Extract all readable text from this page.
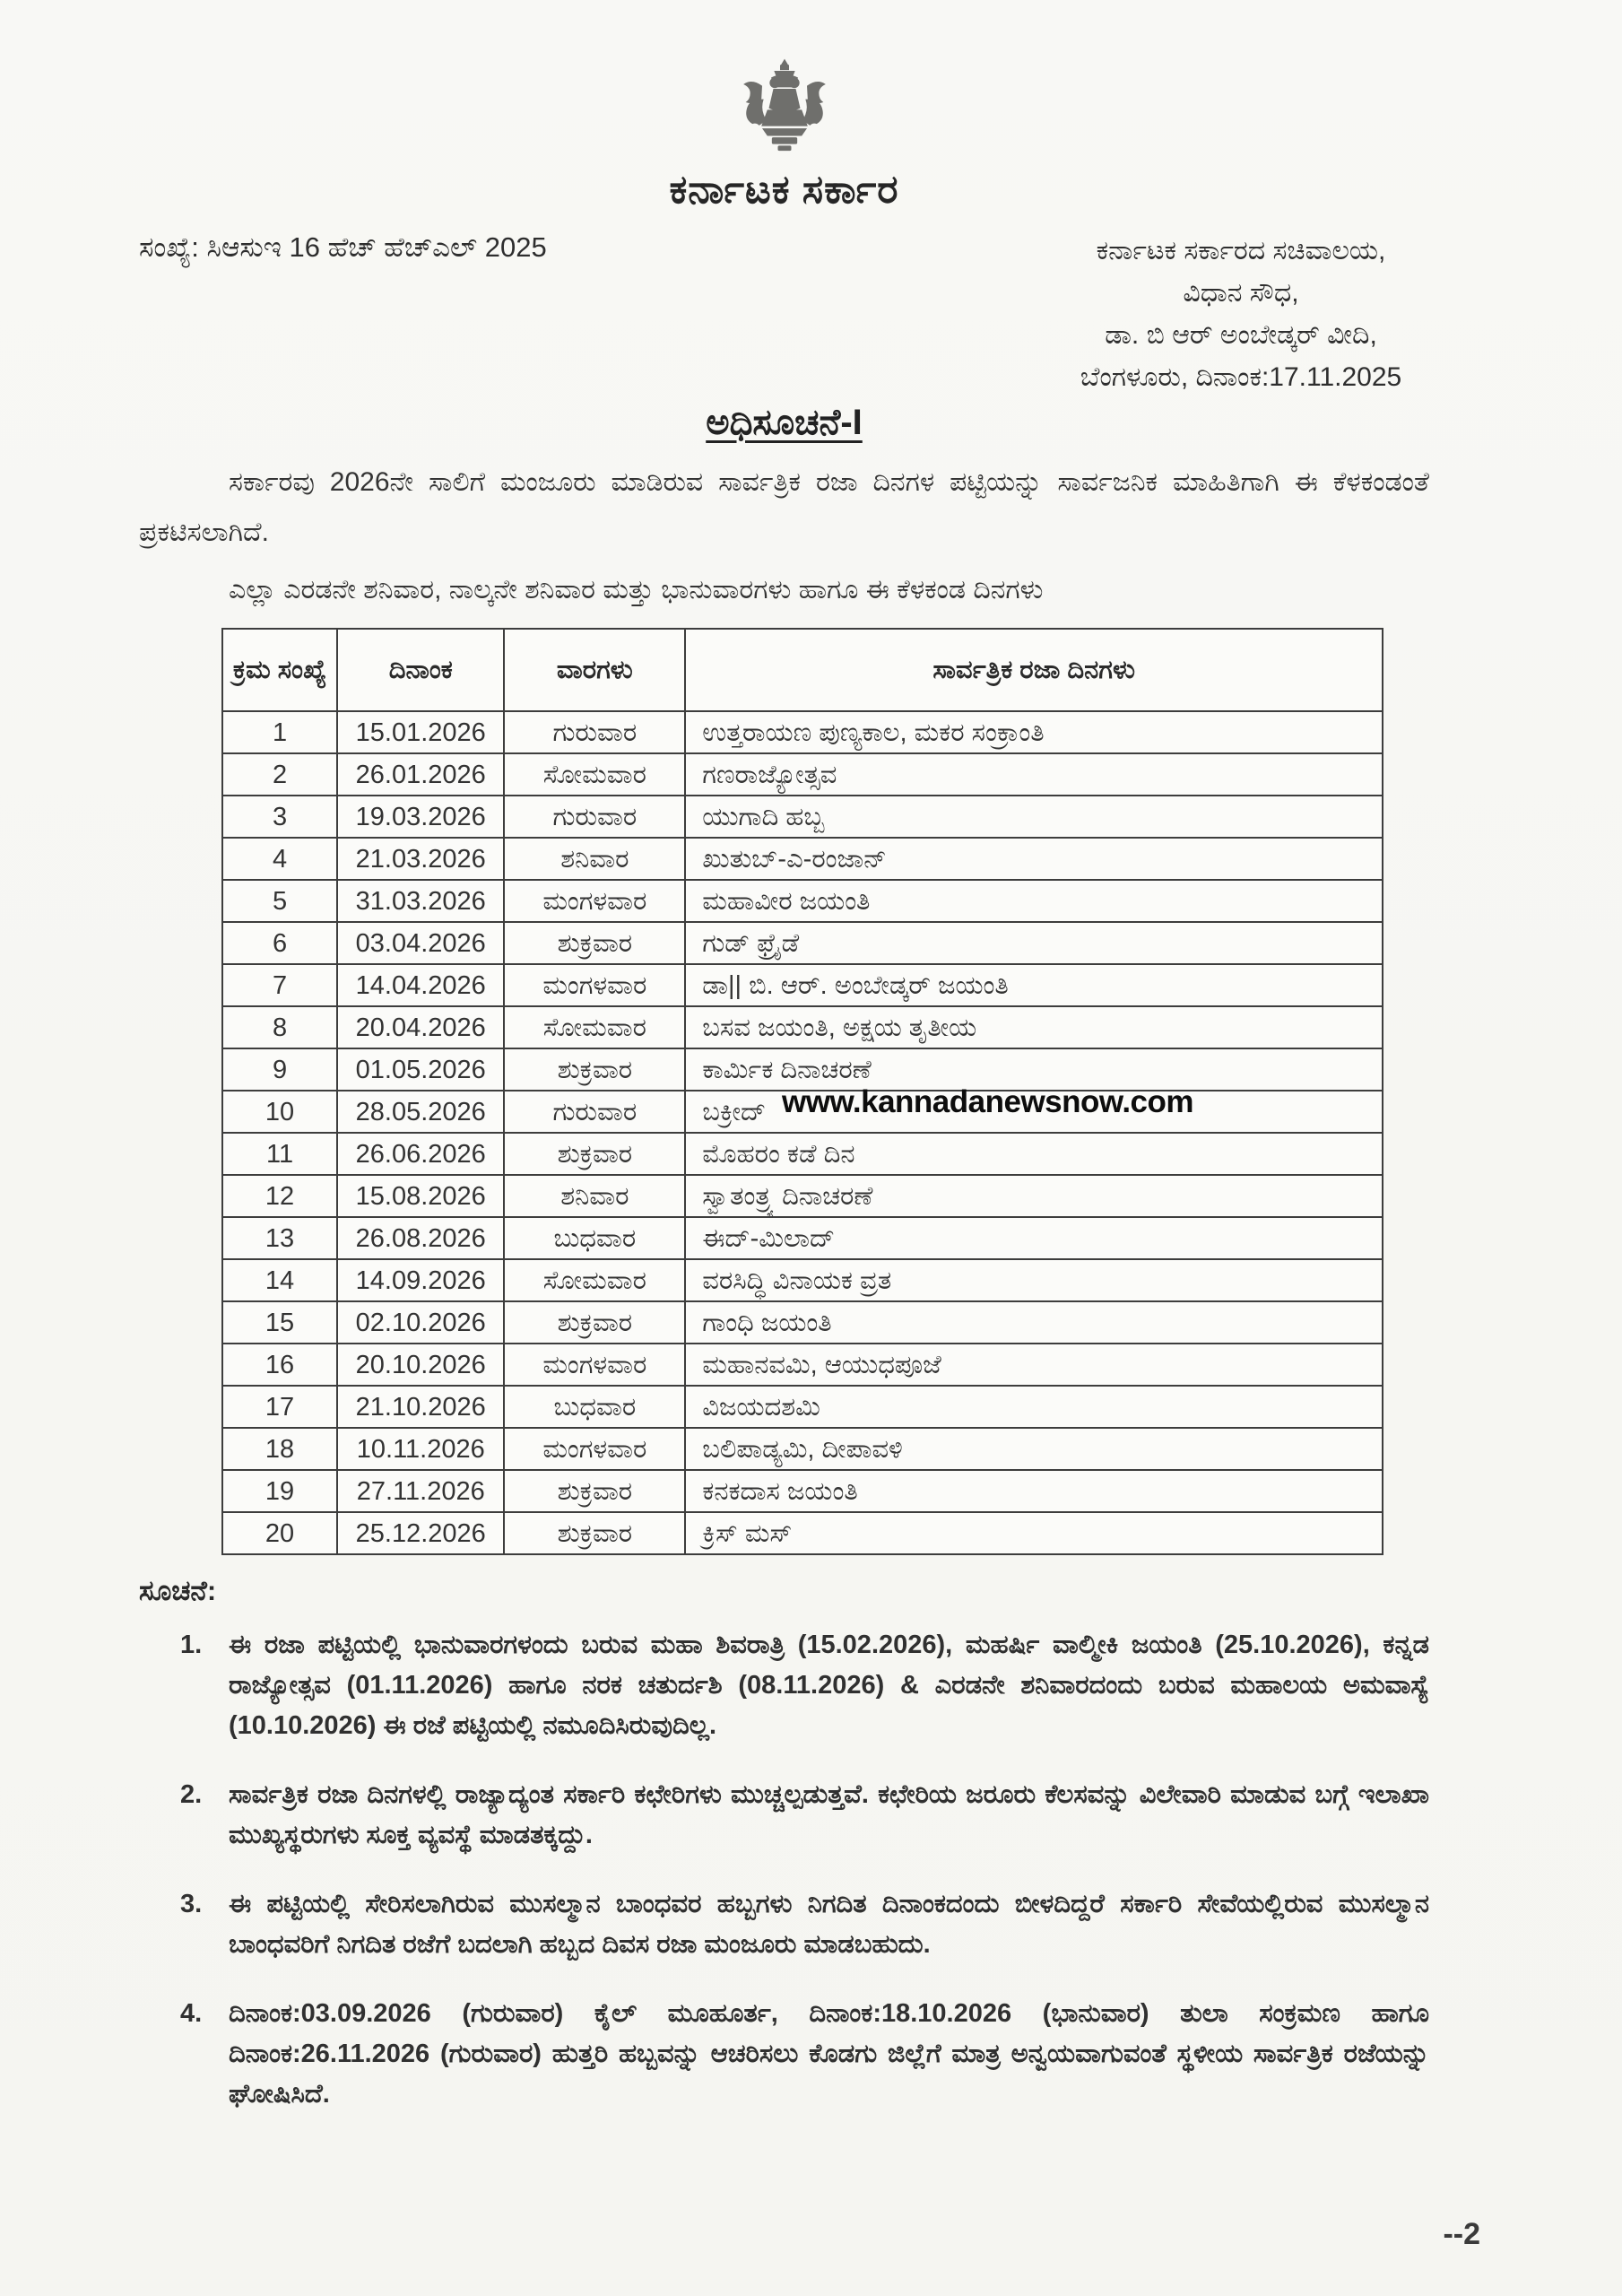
ಕರ್ನಾಟಕ ಸರ್ಕಾರ
ಸಂಖ್ಯೆ: ಸಿಆಸುಇ 16 ಹೆಚ್ ಹೆಚ್ಎಲ್ 2025	ಕರ್ನಾಟಕ ಸರ್ಕಾರದ ಸಚಿವಾಲಯ,
ವಿಧಾನ ಸೌಧ,
ಡಾ. ಬಿ ಆರ್ ಅಂಬೇಡ್ಕರ್ ವೀದಿ,
ಬೆಂಗಳೂರು, ದಿನಾಂಕ:17.11.2025
ಅಧಿಸೂಚನೆ-I

ಸರ್ಕಾರವು 2026ನೇ ಸಾಲಿಗೆ ಮಂಜೂರು ಮಾಡಿರುವ ಸಾರ್ವತ್ರಿಕ ರಜಾ ದಿನಗಳ ಪಟ್ಟಿಯನ್ನು ಸಾರ್ವಜನಿಕ ಮಾಹಿತಿಗಾಗಿ ಈ ಕೆಳಕಂಡಂತೆ ಪ್ರಕಟಿಸಲಾಗಿದೆ.

ಎಲ್ಲಾ ಎರಡನೇ ಶನಿವಾರ, ನಾಲ್ಕನೇ ಶನಿವಾರ ಮತ್ತು ಭಾನುವಾರಗಳು ಹಾಗೂ ಈ ಕೆಳಕಂಡ ದಿನಗಳು

ಕ್ರಮ ಸಂಖ್ಯೆ	ದಿನಾಂಕ	ವಾರಗಳು	ಸಾರ್ವತ್ರಿಕ ರಜಾ ದಿನಗಳು
1	15.01.2026	ಗುರುವಾರ	ಉತ್ತರಾಯಣ ಪುಣ್ಯಕಾಲ, ಮಕರ ಸಂಕ್ರಾಂತಿ
2	26.01.2026	ಸೋಮವಾರ	ಗಣರಾಜ್ಯೋತ್ಸವ
3	19.03.2026	ಗುರುವಾರ	ಯುಗಾದಿ ಹಬ್ಬ
4	21.03.2026	ಶನಿವಾರ	ಖುತುಬ್-ಎ-ರಂಜಾನ್
5	31.03.2026	ಮಂಗಳವಾರ	ಮಹಾವೀರ ಜಯಂತಿ
6	03.04.2026	ಶುಕ್ರವಾರ	ಗುಡ್ ಫ್ರೈಡೆ
7	14.04.2026	ಮಂಗಳವಾರ	ಡಾ|| ಬಿ. ಆರ್. ಅಂಬೇಡ್ಕರ್ ಜಯಂತಿ
8	20.04.2026	ಸೋಮವಾರ	ಬಸವ ಜಯಂತಿ, ಅಕ್ಷಯ ತೃತೀಯ
9	01.05.2026	ಶುಕ್ರವಾರ	ಕಾರ್ಮಿಕ ದಿನಾಚರಣೆ
10	28.05.2026	ಗುರುವಾರ	ಬಕ್ರೀದ್
11	26.06.2026	ಶುಕ್ರವಾರ	ಮೊಹರಂ ಕಡೆ ದಿನ
12	15.08.2026	ಶನಿವಾರ	ಸ್ವಾತಂತ್ರ್ಯ ದಿನಾಚರಣೆ
13	26.08.2026	ಬುಧವಾರ	ಈದ್-ಮಿಲಾದ್
14	14.09.2026	ಸೋಮವಾರ	ವರಸಿದ್ಧಿ ವಿನಾಯಕ ವ್ರತ
15	02.10.2026	ಶುಕ್ರವಾರ	ಗಾಂಧಿ ಜಯಂತಿ
16	20.10.2026	ಮಂಗಳವಾರ	ಮಹಾನವಮಿ, ಆಯುಧಪೂಜೆ
17	21.10.2026	ಬುಧವಾರ	ವಿಜಯದಶಮಿ
18	10.11.2026	ಮಂಗಳವಾರ	ಬಲಿಪಾಡ್ಯಮಿ, ದೀಪಾವಳಿ
19	27.11.2026	ಶುಕ್ರವಾರ	ಕನಕದಾಸ ಜಯಂತಿ
20	25.12.2026	ಶುಕ್ರವಾರ	ಕ್ರಿಸ್ ಮಸ್
www.kannadanewsnow.com
ಸೂಚನೆ:
1. ಈ ರಜಾ ಪಟ್ಟಿಯಲ್ಲಿ ಭಾನುವಾರಗಳಂದು ಬರುವ ಮಹಾ ಶಿವರಾತ್ರಿ (15.02.2026), ಮಹರ್ಷಿ ವಾಲ್ಮೀಕಿ ಜಯಂತಿ (25.10.2026), ಕನ್ನಡ ರಾಜ್ಯೋತ್ಸವ (01.11.2026) ಹಾಗೂ ನರಕ ಚತುರ್ದಶಿ (08.11.2026) & ಎರಡನೇ ಶನಿವಾರದಂದು ಬರುವ ಮಹಾಲಯ ಅಮವಾಸ್ಯೆ (10.10.2026) ಈ ರಜೆ ಪಟ್ಟಿಯಲ್ಲಿ ನಮೂದಿಸಿರುವುದಿಲ್ಲ.
2. ಸಾರ್ವತ್ರಿಕ ರಜಾ ದಿನಗಳಲ್ಲಿ ರಾಜ್ಯಾದ್ಯಂತ ಸರ್ಕಾರಿ ಕಛೇರಿಗಳು ಮುಚ್ಚಲ್ಪಡುತ್ತವೆ. ಕಛೇರಿಯ ಜರೂರು ಕೆಲಸವನ್ನು ವಿಲೇವಾರಿ ಮಾಡುವ ಬಗ್ಗೆ ಇಲಾಖಾ ಮುಖ್ಯಸ್ಥರುಗಳು ಸೂಕ್ತ ವ್ಯವಸ್ಥೆ ಮಾಡತಕ್ಕದ್ದು.
3. ಈ ಪಟ್ಟಿಯಲ್ಲಿ ಸೇರಿಸಲಾಗಿರುವ ಮುಸಲ್ಮಾನ ಬಾಂಧವರ ಹಬ್ಬಗಳು ನಿಗದಿತ ದಿನಾಂಕದಂದು ಬೀಳದಿದ್ದರೆ ಸರ್ಕಾರಿ ಸೇವೆಯಲ್ಲಿರುವ ಮುಸಲ್ಮಾನ ಬಾಂಧವರಿಗೆ ನಿಗದಿತ ರಜೆಗೆ ಬದಲಾಗಿ ಹಬ್ಬದ ದಿವಸ ರಜಾ ಮಂಜೂರು ಮಾಡಬಹುದು.
4. ದಿನಾಂಕ:03.09.2026 (ಗುರುವಾರ) ಕೈಲ್ ಮೂಹೂರ್ತ, ದಿನಾಂಕ:18.10.2026 (ಭಾನುವಾರ) ತುಲಾ ಸಂಕ್ರಮಣ ಹಾಗೂ ದಿನಾಂಕ:26.11.2026 (ಗುರುವಾರ) ಹುತ್ತರಿ ಹಬ್ಬವನ್ನು ಆಚರಿಸಲು ಕೊಡಗು ಜಿಲ್ಲೆಗೆ ಮಾತ್ರ ಅನ್ವಯವಾಗುವಂತೆ ಸ್ಥಳೀಯ ಸಾರ್ವತ್ರಿಕ ರಜೆಯನ್ನು ಘೋಷಿಸಿದೆ.
--2
